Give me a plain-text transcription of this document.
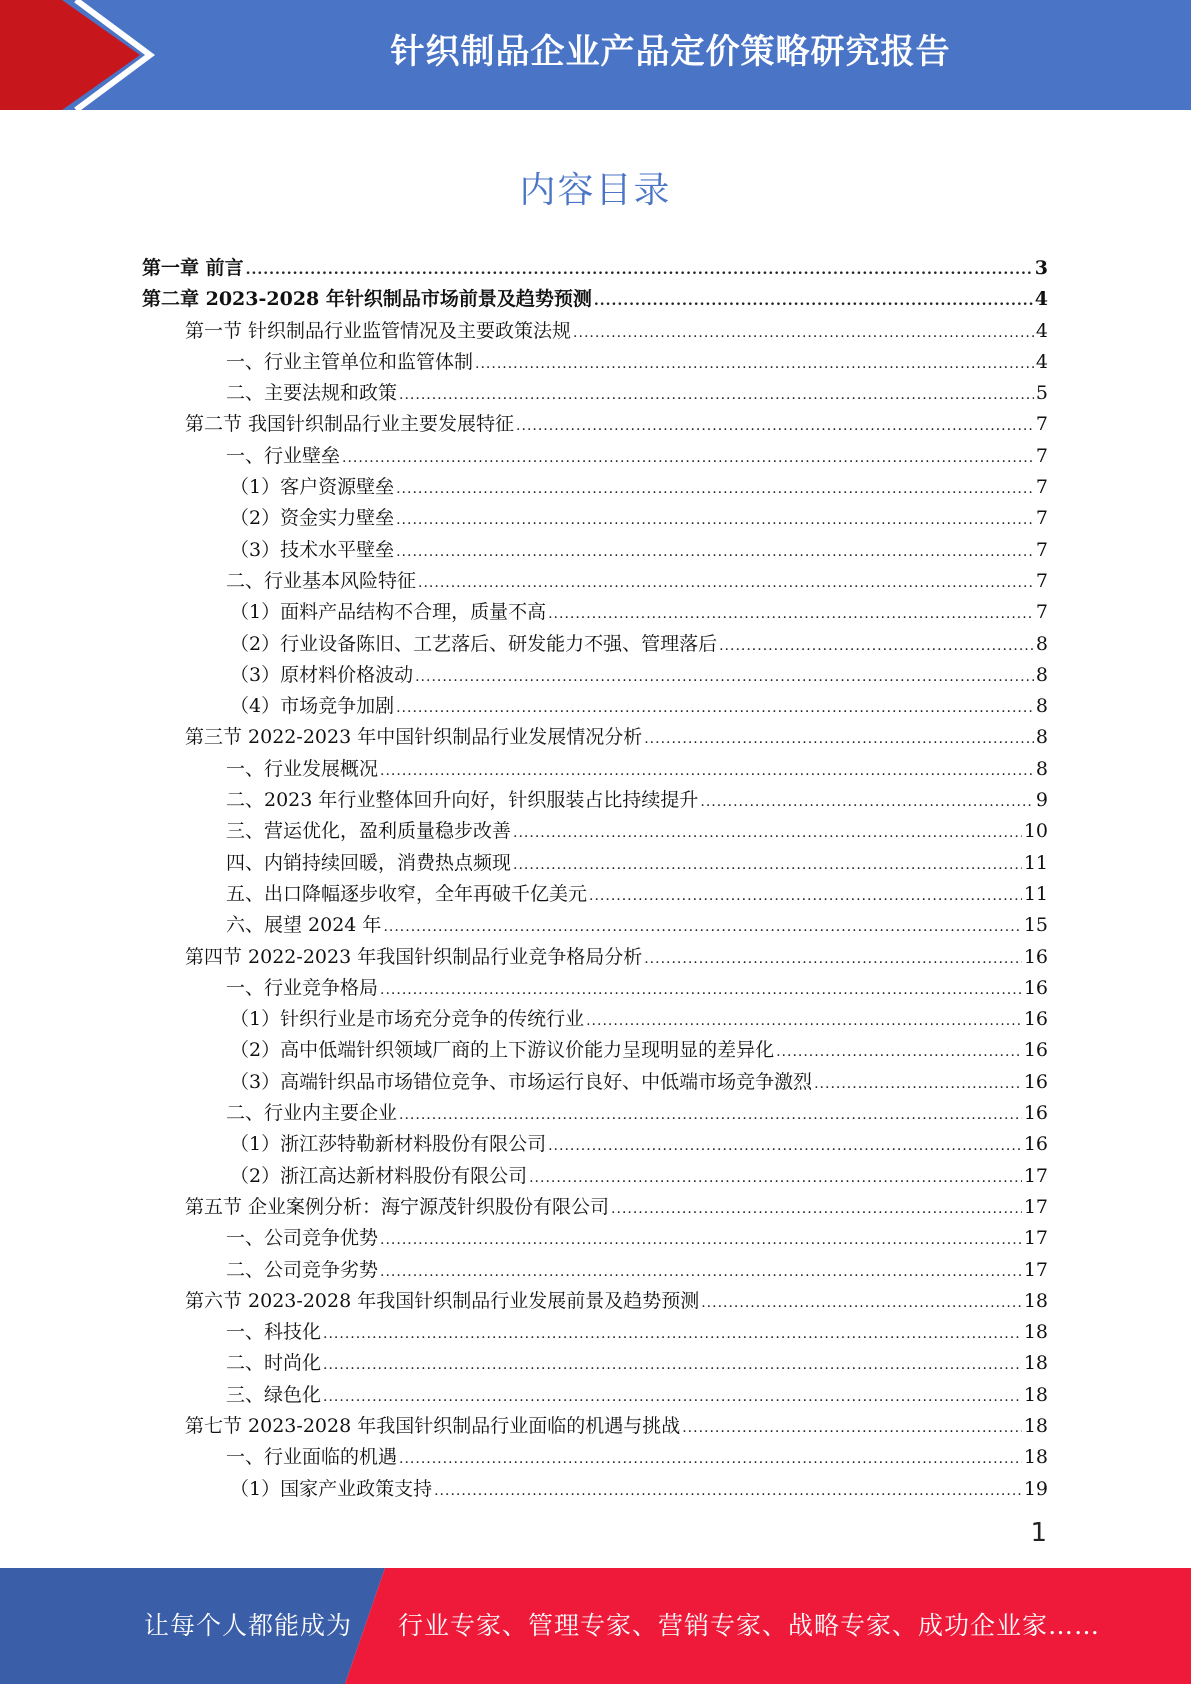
针织制品企业产品定价策略研究报告
内容目录
第一章 前言 .....	3
第二章 2023-2028 年针织制品市场前景及趋势预测 .....	4
第一节 针织制品行业监管情况及主要政策法规 .....	4
一、行业主管单位和监管体制 .....	4
二、主要法规和政策 .....	5
第二节 我国针织制品行业主要发展特征 .....	7
一、行业壁垒 .....	7
（1）客户资源壁垒 .....	7
（2）资金实力壁垒 .....	7
（3）技术水平壁垒 .....	7
二、行业基本风险特征 .....	7
（1）面料产品结构不合理，质量不高 .....	7
（2）行业设备陈旧、工艺落后、研发能力不强、管理落后 .....	8
（3）原材料价格波动 .....	8
（4）市场竞争加剧 .....	8
第三节 2022-2023 年中国针织制品行业发展情况分析 .....	8
一、行业发展概况 .....	8
二、2023 年行业整体回升向好，针织服装占比持续提升 .....	9
三、营运优化，盈利质量稳步改善 .....	10
四、内销持续回暖，消费热点频现 .....	11
五、出口降幅逐步收窄，全年再破千亿美元 .....	11
六、展望 2024 年 .....	15
第四节 2022-2023 年我国针织制品行业竞争格局分析 .....	16
一、行业竞争格局 .....	16
（1）针织行业是市场充分竞争的传统行业 .....	16
（2）高中低端针织领域厂商的上下游议价能力呈现明显的差异化 .....	16
（3）高端针织品市场错位竞争、市场运行良好、中低端市场竞争激烈 .....	16
二、行业内主要企业 .....	16
（1）浙江莎特勒新材料股份有限公司 .....	16
（2）浙江高达新材料股份有限公司 .....	17
第五节 企业案例分析：海宁源茂针织股份有限公司 .....	17
一、公司竞争优势 .....	17
二、公司竞争劣势 .....	17
第六节 2023-2028 年我国针织制品行业发展前景及趋势预测 .....	18
一、科技化 .....	18
二、时尚化 .....	18
三、绿色化 .....	18
第七节 2023-2028 年我国针织制品行业面临的机遇与挑战 .....	18
一、行业面临的机遇 .....	18
（1）国家产业政策支持 .....	19
1
让每个人都能成为 行业专家、管理专家、营销专家、战略专家、成功企业家……
